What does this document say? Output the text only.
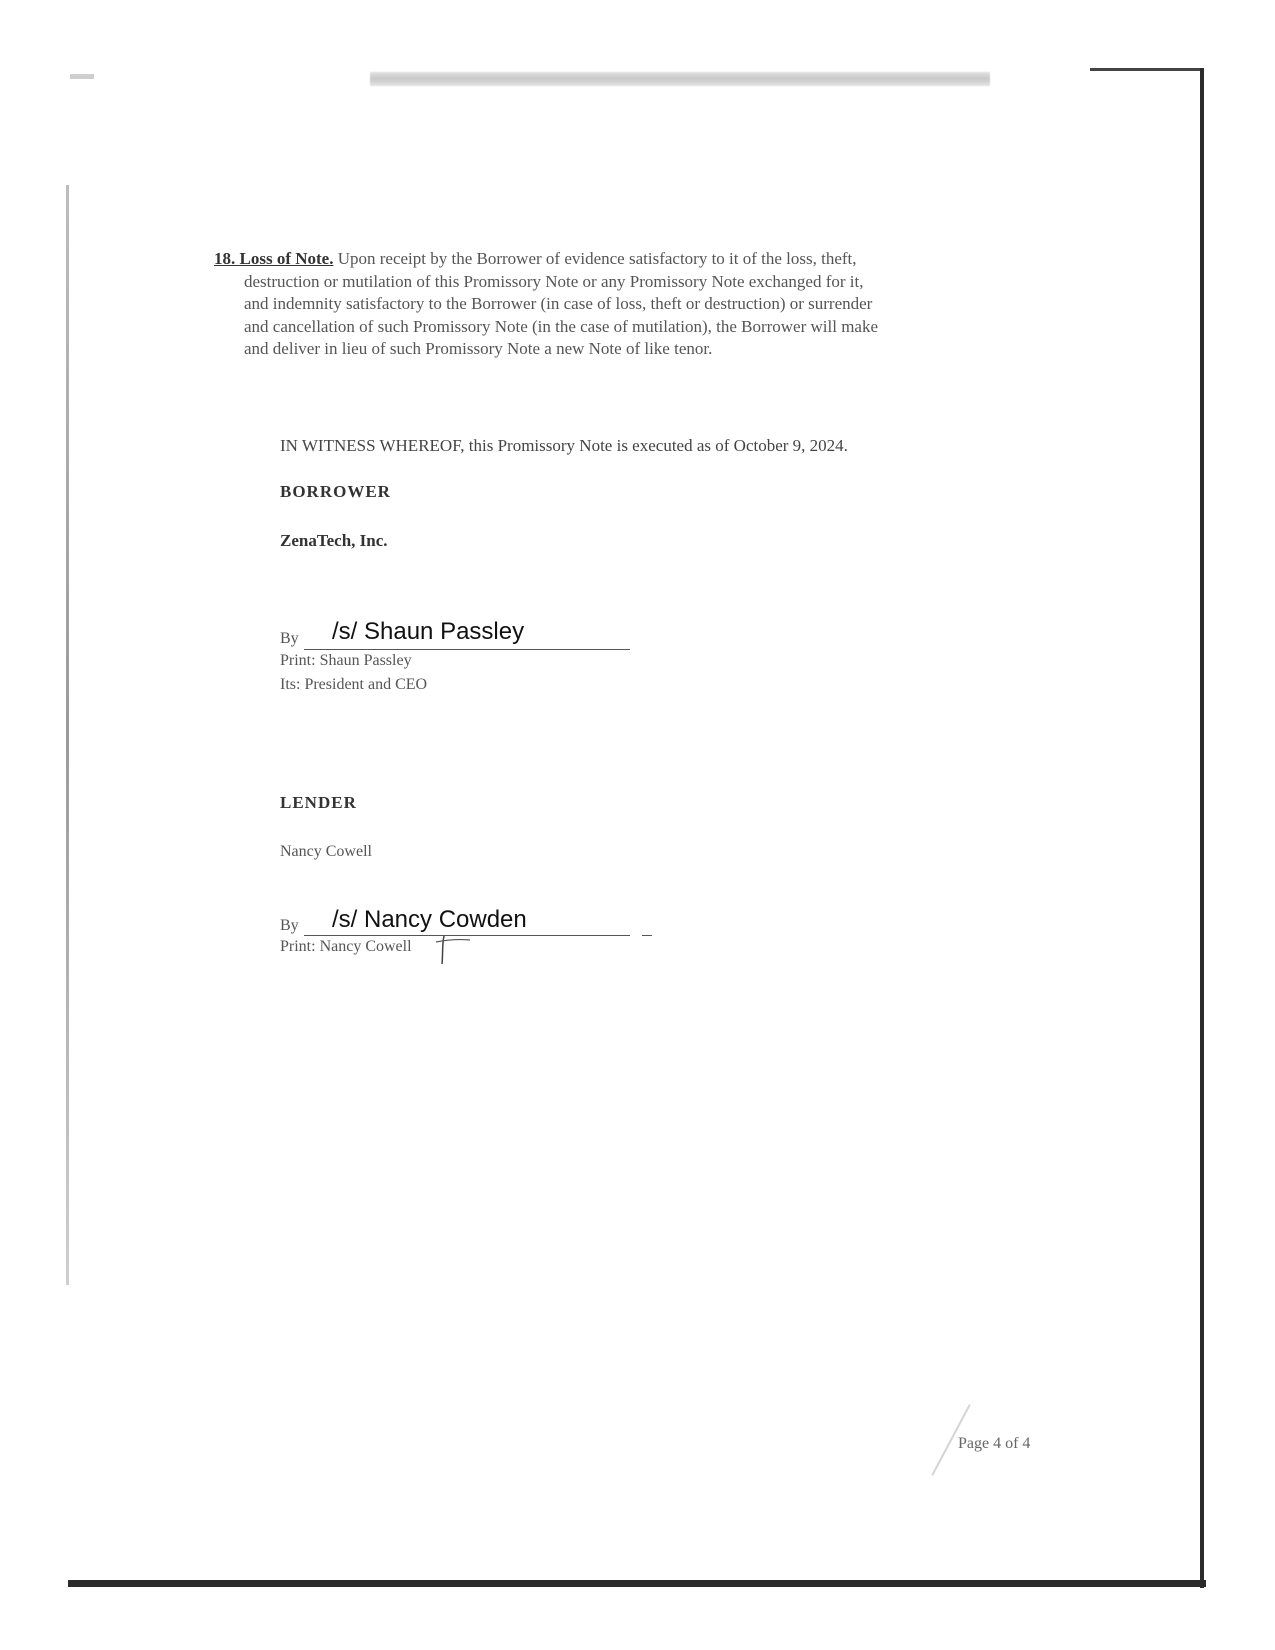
18. Loss of Note. Upon receipt by the Borrower of evidence satisfactory to it of the loss, theft,
destruction or mutilation of this Promissory Note or any Promissory Note exchanged for it,
and indemnity satisfactory to the Borrower (in case of loss, theft or destruction) or surrender
and cancellation of such Promissory Note (in the case of mutilation), the Borrower will make
and deliver in lieu of such Promissory Note a new Note of like tenor.
IN WITNESS WHEREOF, this Promissory Note is executed as of October 9, 2024.
BORROWER
ZenaTech, Inc.
By /s/ Shaun Passley
Print: Shaun Passley
Its: President and CEO
LENDER
Nancy Cowell
By /s/ Nancy Cowden
Print: Nancy Cowell
Page 4 of 4
